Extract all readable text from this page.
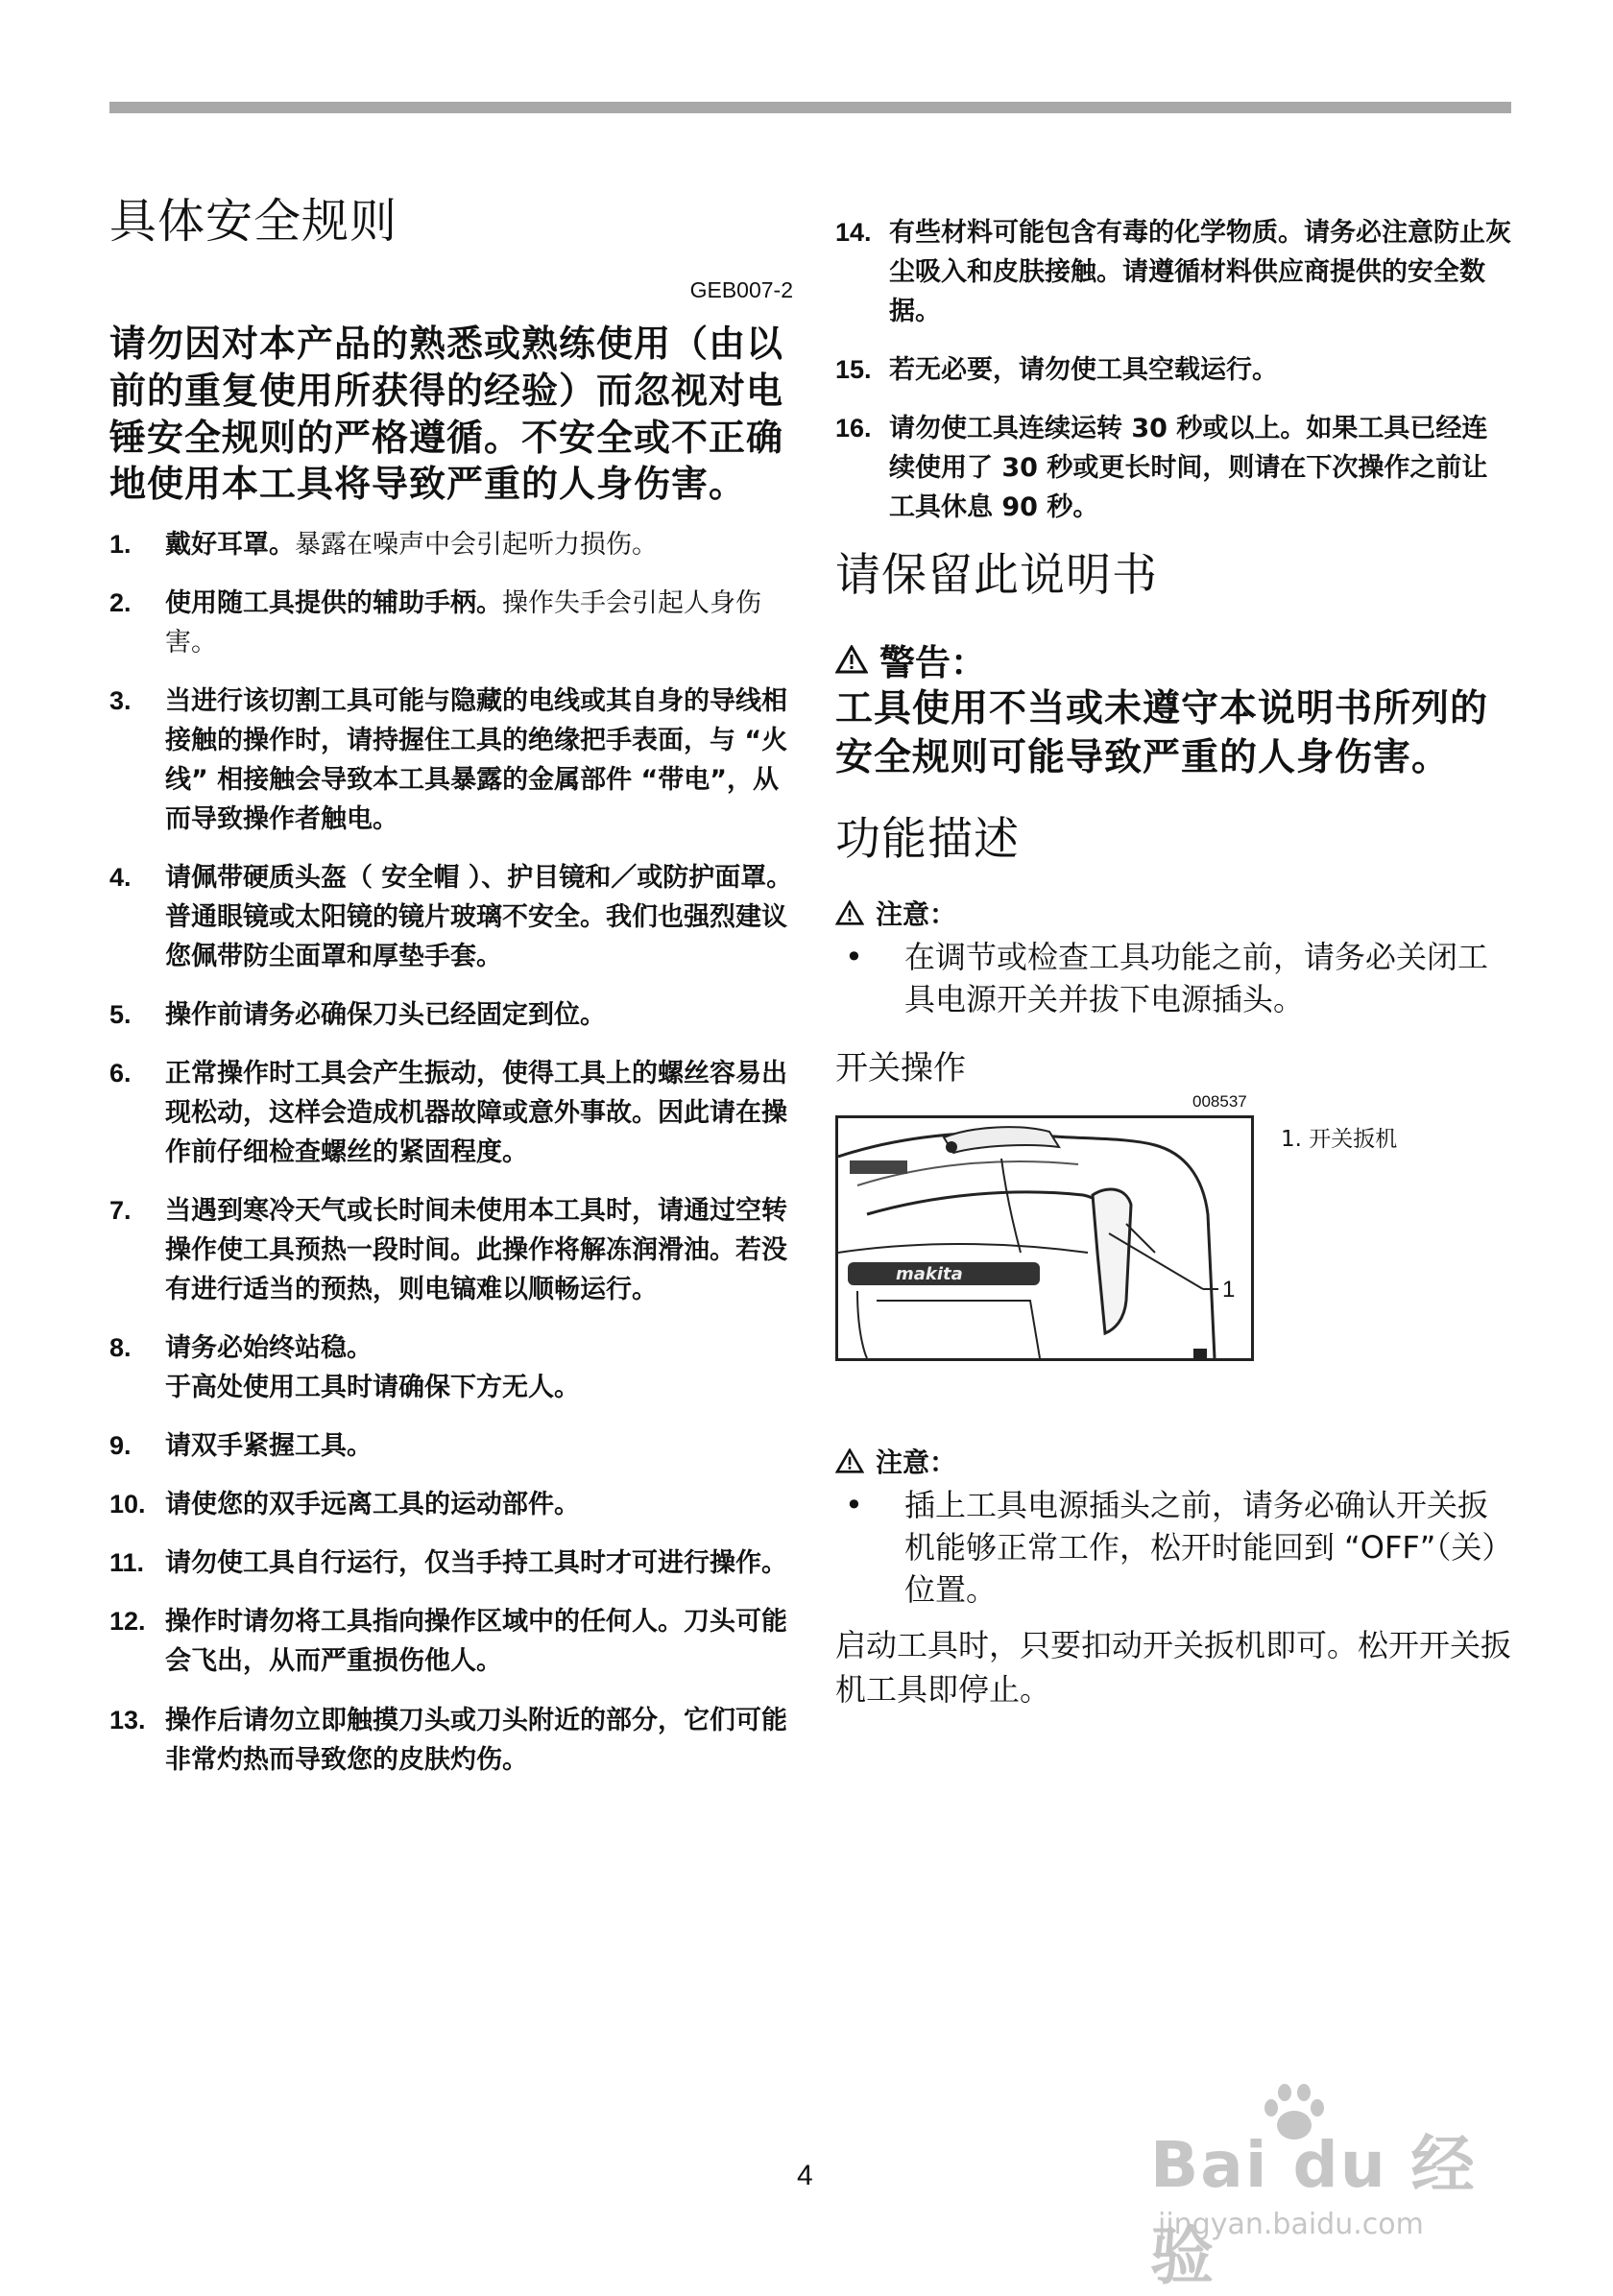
具体安全规则
GEB007-2
请勿因对本产品的熟悉或熟练使用（由以前的重复使用所获得的经验）而忽视对电锤安全规则的严格遵循。不安全或不正确地使用本工具将导致严重的人身伤害。
1.	戴好耳罩。暴露在噪声中会引起听力损伤。
2.	使用随工具提供的辅助手柄。操作失手会引起人身伤害。
3.	当进行该切割工具可能与隐藏的电线或其自身的导线相接触的操作时，请持握住工具的绝缘把手表面，与 “火线” 相接触会导致本工具暴露的金属部件 “带电”，从而导致操作者触电。
4.	请佩带硬质头盔（ 安全帽 ）、护目镜和／或防护面罩。普通眼镜或太阳镜的镜片玻璃不安全。我们也强烈建议您佩带防尘面罩和厚垫手套。
5.	操作前请务必确保刀头已经固定到位。
6.	正常操作时工具会产生振动，使得工具上的螺丝容易出现松动，这样会造成机器故障或意外事故。因此请在操作前仔细检查螺丝的紧固程度。
7.	当遇到寒冷天气或长时间未使用本工具时，请通过空转操作使工具预热一段时间。此操作将解冻润滑油。若没有进行适当的预热，则电镐难以顺畅运行。
8.	请务必始终站稳。
于高处使用工具时请确保下方无人。
9.	请双手紧握工具。
10. 请使您的双手远离工具的运动部件。
11. 请勿使工具自行运行，仅当手持工具时才可进行操作。
12. 操作时请勿将工具指向操作区域中的任何人。刀头可能会飞出，从而严重损伤他人。
13. 操作后请勿立即触摸刀头或刀头附近的部分，它们可能非常灼热而导致您的皮肤灼伤。
14. 有些材料可能包含有毒的化学物质。请务必注意防止灰尘吸入和皮肤接触。请遵循材料供应商提供的安全数据。
15. 若无必要，请勿使工具空载运行。
16. 请勿使工具连续运转 30 秒或以上。如果工具已经连续使用了 30 秒或更长时间，则请在下次操作之前让工具休息 90 秒。
请保留此说明书
警告：
工具使用不当或未遵守本说明书所列的安全规则可能导致严重的人身伤害。
功能描述
注意：
•	在调节或检查工具功能之前，请务必关闭工具电源开关并拔下电源插头。
开关操作
008537
makita
1
1. 开关扳机
注意：
•	插上工具电源插头之前，请务必确认开关扳机能够正常工作，松开时能回到 “OFF”（关）位置。
启动工具时，只要扣动开关扳机即可。松开开关扳机工具即停止。
4	Bai du 经验
jingyan.baidu.com
